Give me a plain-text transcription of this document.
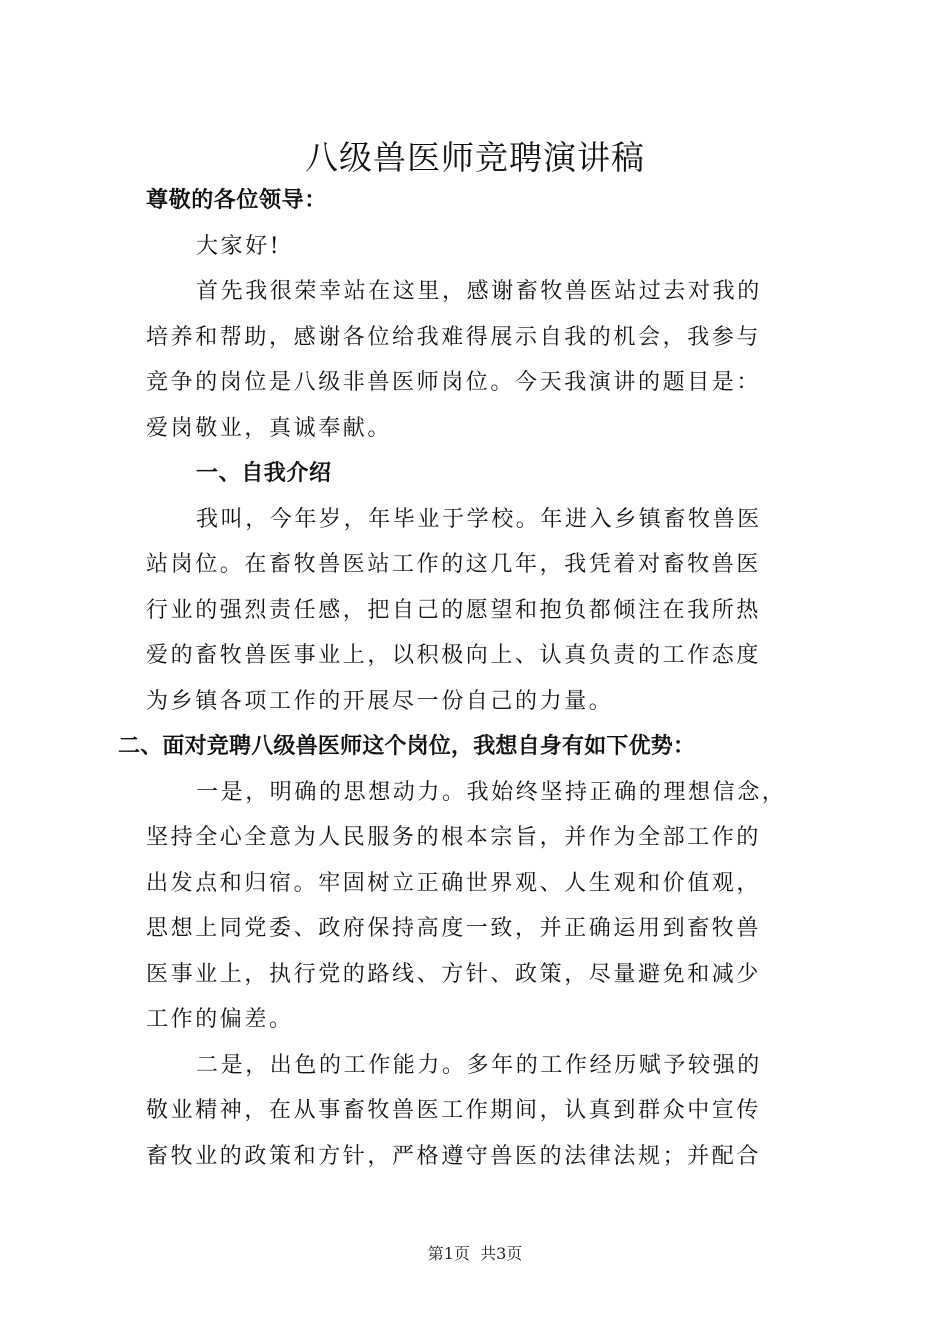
八级兽医师竞聘演讲稿
尊敬的各位领导：
大家好!
首先我很荣幸站在这里，感谢畜牧兽医站过去对我的
培养和帮助，感谢各位给我难得展示自我的机会，我参与
竞争的岗位是八级非兽医师岗位。今天我演讲的题目是：
爱岗敬业，真诚奉献。
一、自我介绍
我叫，今年岁，年毕业于学校。年进入乡镇畜牧兽医
站岗位。在畜牧兽医站工作的这几年，我凭着对畜牧兽医
行业的强烈责任感，把自己的愿望和抱负都倾注在我所热
爱的畜牧兽医事业上，以积极向上、认真负责的工作态度
为乡镇各项工作的开展尽一份自己的力量。
二、面对竞聘八级兽医师这个岗位，我想自身有如下优势：
一是，明确的思想动力。我始终坚持正确的理想信念，
坚持全心全意为人民服务的根本宗旨，并作为全部工作的
出发点和归宿。牢固树立正确世界观、人生观和价值观，
思想上同党委、政府保持高度一致，并正确运用到畜牧兽
医事业上，执行党的路线、方针、政策，尽量避免和减少
工作的偏差。
二是，出色的工作能力。多年的工作经历赋予较强的
敬业精神，在从事畜牧兽医工作期间，认真到群众中宣传
畜牧业的政策和方针，严格遵守兽医的法律法规；并配合
第1页  共3页
